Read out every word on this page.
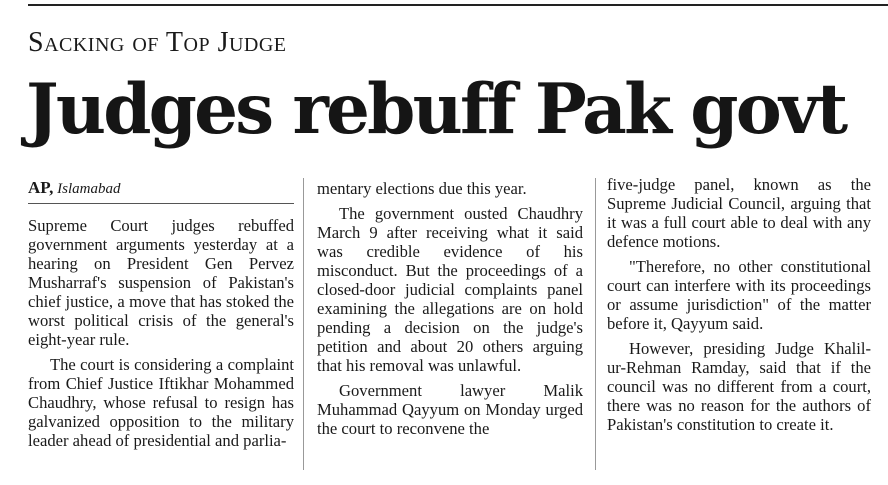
Sacking of Top Judge
Judges rebuff Pak govt

AP, Islamabad

Supreme Court judges rebuffed government arguments yesterday at a hearing on President Gen Pervez Musharraf's suspension of Pakistan's chief justice, a move that has stoked the worst political crisis of the general's eight-year rule.

The court is considering a complaint from Chief Justice Iftikhar Mohammed Chaudhry, whose refusal to resign has galvanized opposition to the military leader ahead of presidential and parlia-

mentary elections due this year.

The government ousted Chaudhry March 9 after receiving what it said was credible evidence of his misconduct. But the proceedings of a closed-door judicial complaints panel examining the allegations are on hold pending a decision on the judge's petition and about 20 others arguing that his removal was unlawful.

Government lawyer Malik Muhammad Qayyum on Monday urged the court to reconvene the

five-judge panel, known as the Supreme Judicial Council, arguing that it was a full court able to deal with any defence motions.

"Therefore, no other constitutional court can interfere with its proceedings or assume jurisdiction" of the matter before it, Qayyum said.

However, presiding Judge Khalil-ur-Rehman Ramday, said that if the council was no different from a court, there was no reason for the authors of Pakistan's constitution to create it.
